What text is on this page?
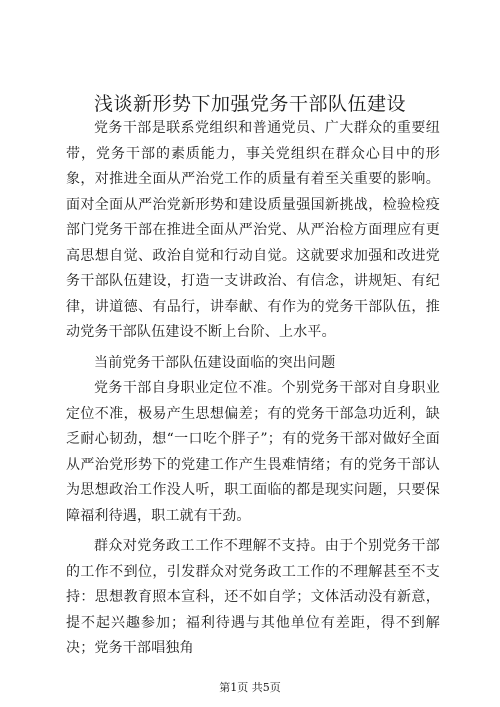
浅谈新形势下加强党务干部队伍建设

党务干部是联系党组织和普通党员、广大群众的重要纽带，党务干部的素质能力，事关党组织在群众心目中的形象，对推进全面从严治党工作的质量有着至关重要的影响。面对全面从严治党新形势和建设质量强国新挑战，检验检疫部门党务干部在推进全面从严治党、从严治检方面理应有更高思想自觉、政治自觉和行动自觉。这就要求加强和改进党务干部队伍建设，打造一支讲政治、有信念，讲规矩、有纪律，讲道德、有品行，讲奉献、有作为的党务干部队伍，推动党务干部队伍建设不断上台阶、上水平。

当前党务干部队伍建设面临的突出问题

党务干部自身职业定位不准。个别党务干部对自身职业定位不准，极易产生思想偏差；有的党务干部急功近利，缺乏耐心韧劲，想“一口吃个胖子”；有的党务干部对做好全面从严治党形势下的党建工作产生畏难情绪；有的党务干部认为思想政治工作没人听，职工面临的都是现实问题，只要保障福利待遇，职工就有干劲。

群众对党务政工工作不理解不支持。由于个别党务干部的工作不到位，引发群众对党务政工工作的不理解甚至不支持：思想教育照本宣科，还不如自学；文体活动没有新意，提不起兴趣参加；福利待遇与其他单位有差距，得不到解决；党务干部唱独角

第1页 共5页
